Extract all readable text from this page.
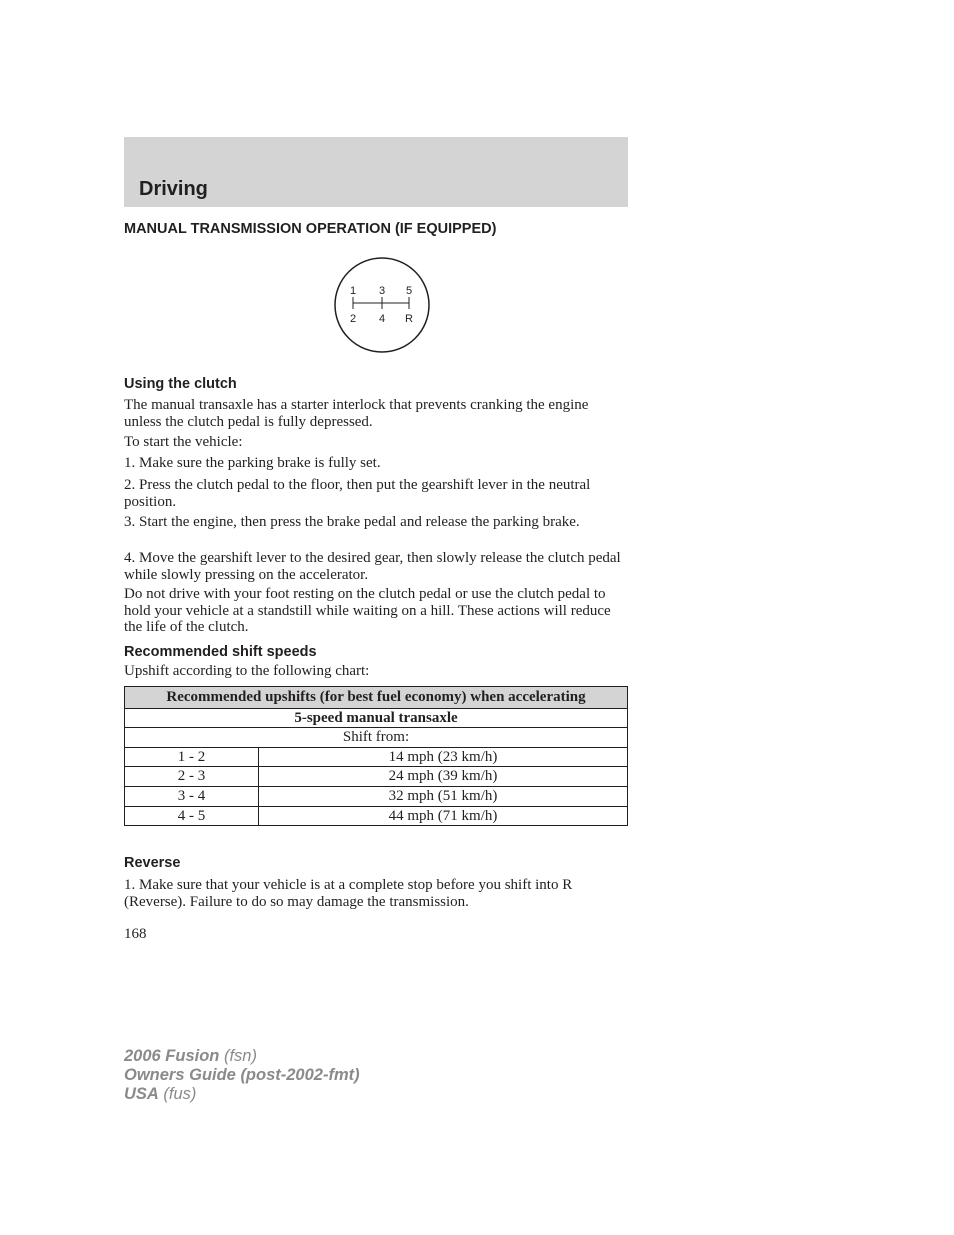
Driving
MANUAL TRANSMISSION OPERATION (IF EQUIPPED)
1 3 5
2 4 R
Using the clutch
The manual transaxle has a starter interlock that prevents cranking the engine unless the clutch pedal is fully depressed.
To start the vehicle:
1. Make sure the parking brake is fully set.
2. Press the clutch pedal to the floor, then put the gearshift lever in the neutral position.
3. Start the engine, then press the brake pedal and release the parking brake.
4. Move the gearshift lever to the desired gear, then slowly release the clutch pedal while slowly pressing on the accelerator.
Do not drive with your foot resting on the clutch pedal or use the clutch pedal to hold your vehicle at a standstill while waiting on a hill. These actions will reduce the life of the clutch.
Recommended shift speeds
Upshift according to the following chart:
Recommended upshifts (for best fuel economy) when accelerating	
5-speed manual transaxle	
Shift from:	
1 - 2	14 mph (23 km/h)
2 - 3	24 mph (39 km/h)
3 - 4	32 mph (51 km/h)
4 - 5	44 mph (71 km/h)
Reverse
1. Make sure that your vehicle is at a complete stop before you shift into R (Reverse). Failure to do so may damage the transmission.
168
2006 Fusion (fsn)
Owners Guide (post-2002-fmt)
USA (fus)
